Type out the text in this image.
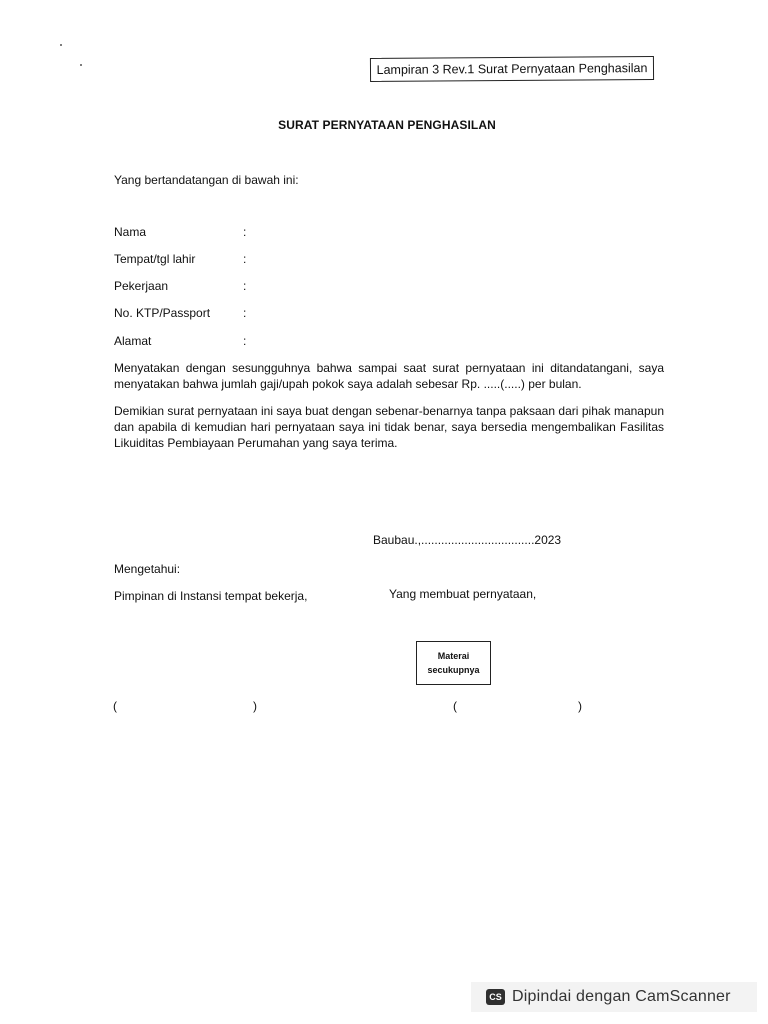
Lampiran 3 Rev.1 Surat Pernyataan Penghasilan
SURAT PERNYATAAN PENGHASILAN
Yang bertandatangan di bawah ini:
Nama	:
Tempat/tgl lahir	:
Pekerjaan	:
No. KTP/Passport	:
Alamat	:
Menyatakan dengan sesungguhnya bahwa sampai saat surat pernyataan ini ditandatangani, saya menyatakan bahwa jumlah gaji/upah pokok saya adalah sebesar Rp. .....(.....) per bulan.
Demikian surat pernyataan ini saya buat dengan sebenar-benarnya tanpa paksaan dari pihak manapun dan apabila di kemudian hari pernyataan saya ini tidak benar, saya bersedia mengembalikan Fasilitas Likuiditas Pembiayaan Perumahan yang saya terima.
Baubau.,..................................2023
Mengetahui:
Pimpinan di Instansi tempat bekerja,	Yang membuat pernyataan,
Materai
secukupnya
(	)	(	)
CS Dipindai dengan CamScanner
